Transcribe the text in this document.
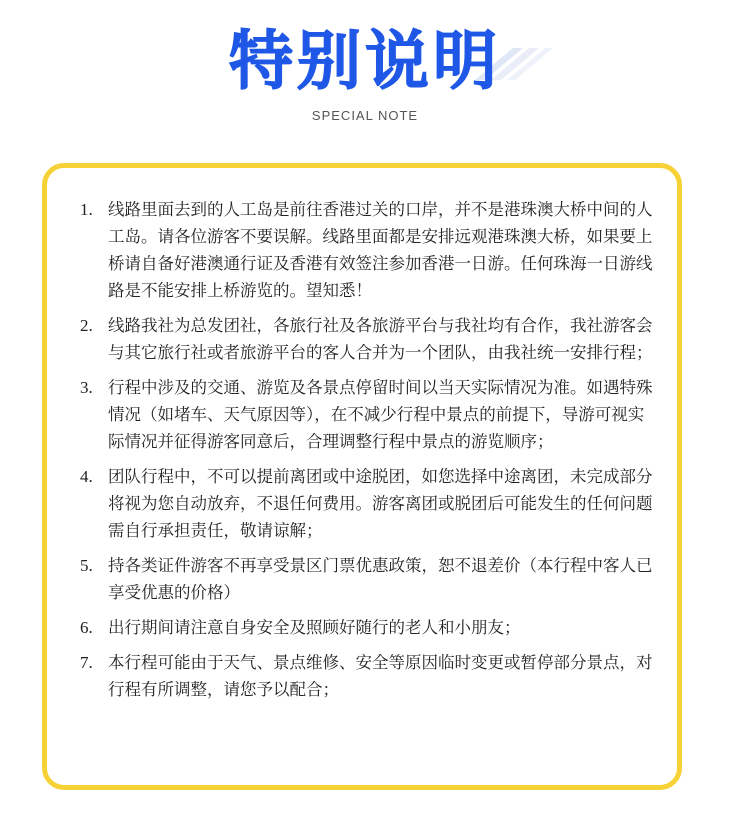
特别说明
SPECIAL NOTE
1. 线路里面去到的人工岛是前往香港过关的口岸，并不是港珠澳大桥中间的人工岛。请各位游客不要误解。线路里面都是安排远观港珠澳大桥，如果要上桥请自备好港澳通行证及香港有效签注参加香港一日游。任何珠海一日游线路是不能安排上桥游览的。望知悉！
2. 线路我社为总发团社，各旅行社及各旅游平台与我社均有合作，我社游客会与其它旅行社或者旅游平台的客人合并为一个团队，由我社统一安排行程；
3. 行程中涉及的交通、游览及各景点停留时间以当天实际情况为准。如遇特殊情况（如堵车、天气原因等），在不减少行程中景点的前提下，导游可视实际情况并征得游客同意后，合理调整行程中景点的游览顺序；
4. 团队行程中，不可以提前离团或中途脱团，如您选择中途离团，未完成部分将视为您自动放弃，不退任何费用。游客离团或脱团后可能发生的任何问题需自行承担责任，敬请谅解；
5. 持各类证件游客不再享受景区门票优惠政策，恕不退差价（本行程中客人已享受优惠的价格）
6. 出行期间请注意自身安全及照顾好随行的老人和小朋友；
7. 本行程可能由于天气、景点维修、安全等原因临时变更或暂停部分景点，对行程有所调整，请您予以配合；
